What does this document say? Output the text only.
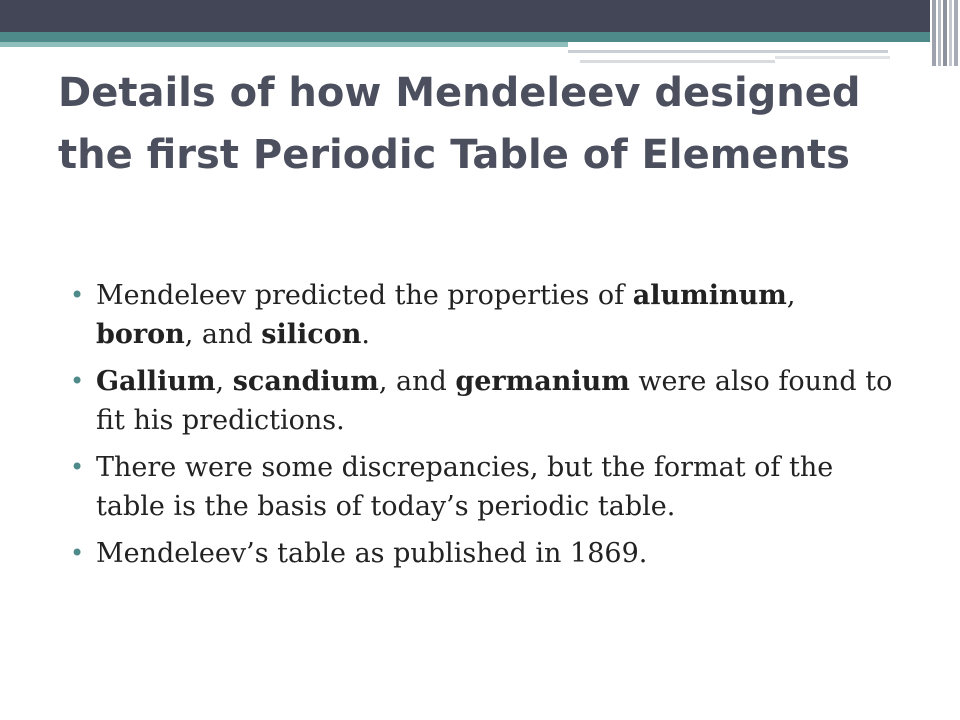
Details of how Mendeleev designed the first Periodic Table of Elements
• Mendeleev predicted the properties of aluminum, boron, and silicon.
• Gallium, scandium, and germanium were also found to fit his predictions.
• There were some discrepancies, but the format of the table is the basis of today’s periodic table.
• Mendeleev’s table as published in 1869.
